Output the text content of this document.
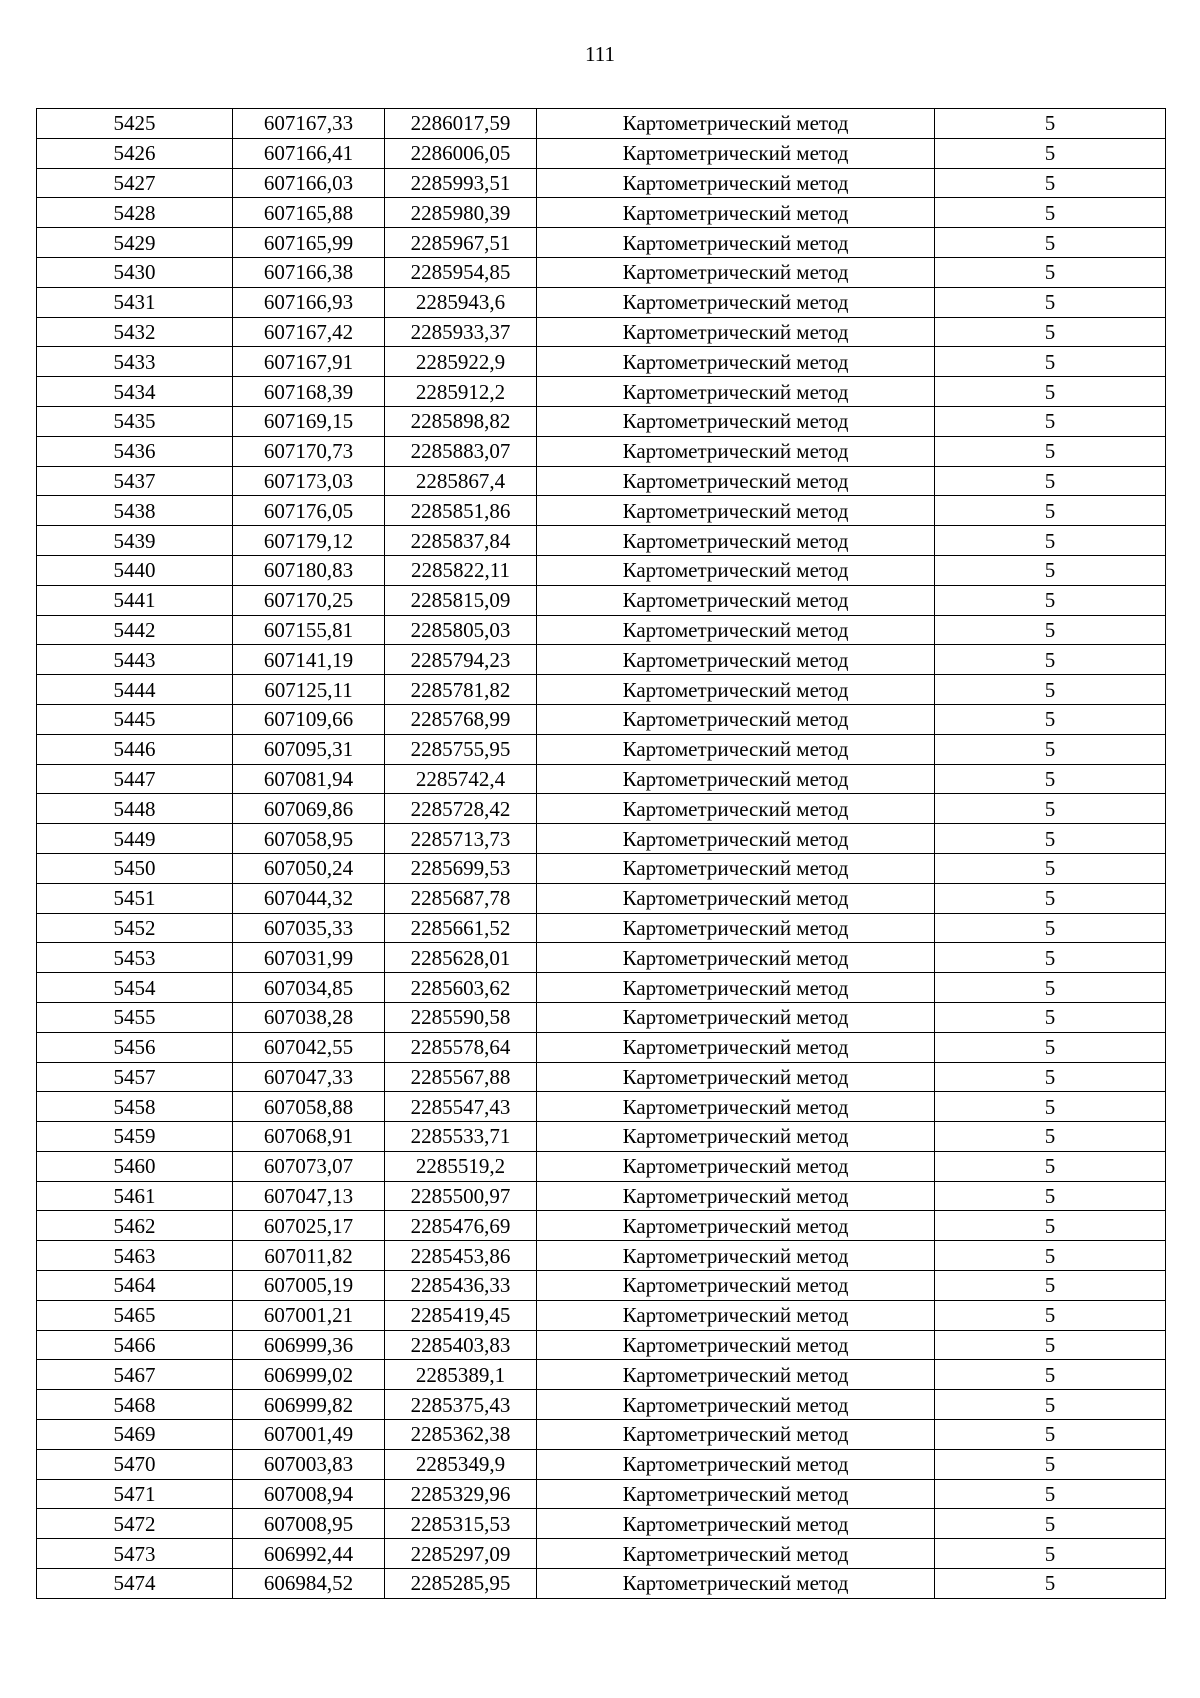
111
5425	607167,33	2286017,59	Картометрический метод	5
5426	607166,41	2286006,05	Картометрический метод	5
5427	607166,03	2285993,51	Картометрический метод	5
5428	607165,88	2285980,39	Картометрический метод	5
5429	607165,99	2285967,51	Картометрический метод	5
5430	607166,38	2285954,85	Картометрический метод	5
5431	607166,93	2285943,6	Картометрический метод	5
5432	607167,42	2285933,37	Картометрический метод	5
5433	607167,91	2285922,9	Картометрический метод	5
5434	607168,39	2285912,2	Картометрический метод	5
5435	607169,15	2285898,82	Картометрический метод	5
5436	607170,73	2285883,07	Картометрический метод	5
5437	607173,03	2285867,4	Картометрический метод	5
5438	607176,05	2285851,86	Картометрический метод	5
5439	607179,12	2285837,84	Картометрический метод	5
5440	607180,83	2285822,11	Картометрический метод	5
5441	607170,25	2285815,09	Картометрический метод	5
5442	607155,81	2285805,03	Картометрический метод	5
5443	607141,19	2285794,23	Картометрический метод	5
5444	607125,11	2285781,82	Картометрический метод	5
5445	607109,66	2285768,99	Картометрический метод	5
5446	607095,31	2285755,95	Картометрический метод	5
5447	607081,94	2285742,4	Картометрический метод	5
5448	607069,86	2285728,42	Картометрический метод	5
5449	607058,95	2285713,73	Картометрический метод	5
5450	607050,24	2285699,53	Картометрический метод	5
5451	607044,32	2285687,78	Картометрический метод	5
5452	607035,33	2285661,52	Картометрический метод	5
5453	607031,99	2285628,01	Картометрический метод	5
5454	607034,85	2285603,62	Картометрический метод	5
5455	607038,28	2285590,58	Картометрический метод	5
5456	607042,55	2285578,64	Картометрический метод	5
5457	607047,33	2285567,88	Картометрический метод	5
5458	607058,88	2285547,43	Картометрический метод	5
5459	607068,91	2285533,71	Картометрический метод	5
5460	607073,07	2285519,2	Картометрический метод	5
5461	607047,13	2285500,97	Картометрический метод	5
5462	607025,17	2285476,69	Картометрический метод	5
5463	607011,82	2285453,86	Картометрический метод	5
5464	607005,19	2285436,33	Картометрический метод	5
5465	607001,21	2285419,45	Картометрический метод	5
5466	606999,36	2285403,83	Картометрический метод	5
5467	606999,02	2285389,1	Картометрический метод	5
5468	606999,82	2285375,43	Картометрический метод	5
5469	607001,49	2285362,38	Картометрический метод	5
5470	607003,83	2285349,9	Картометрический метод	5
5471	607008,94	2285329,96	Картометрический метод	5
5472	607008,95	2285315,53	Картометрический метод	5
5473	606992,44	2285297,09	Картометрический метод	5
5474	606984,52	2285285,95	Картометрический метод	5
